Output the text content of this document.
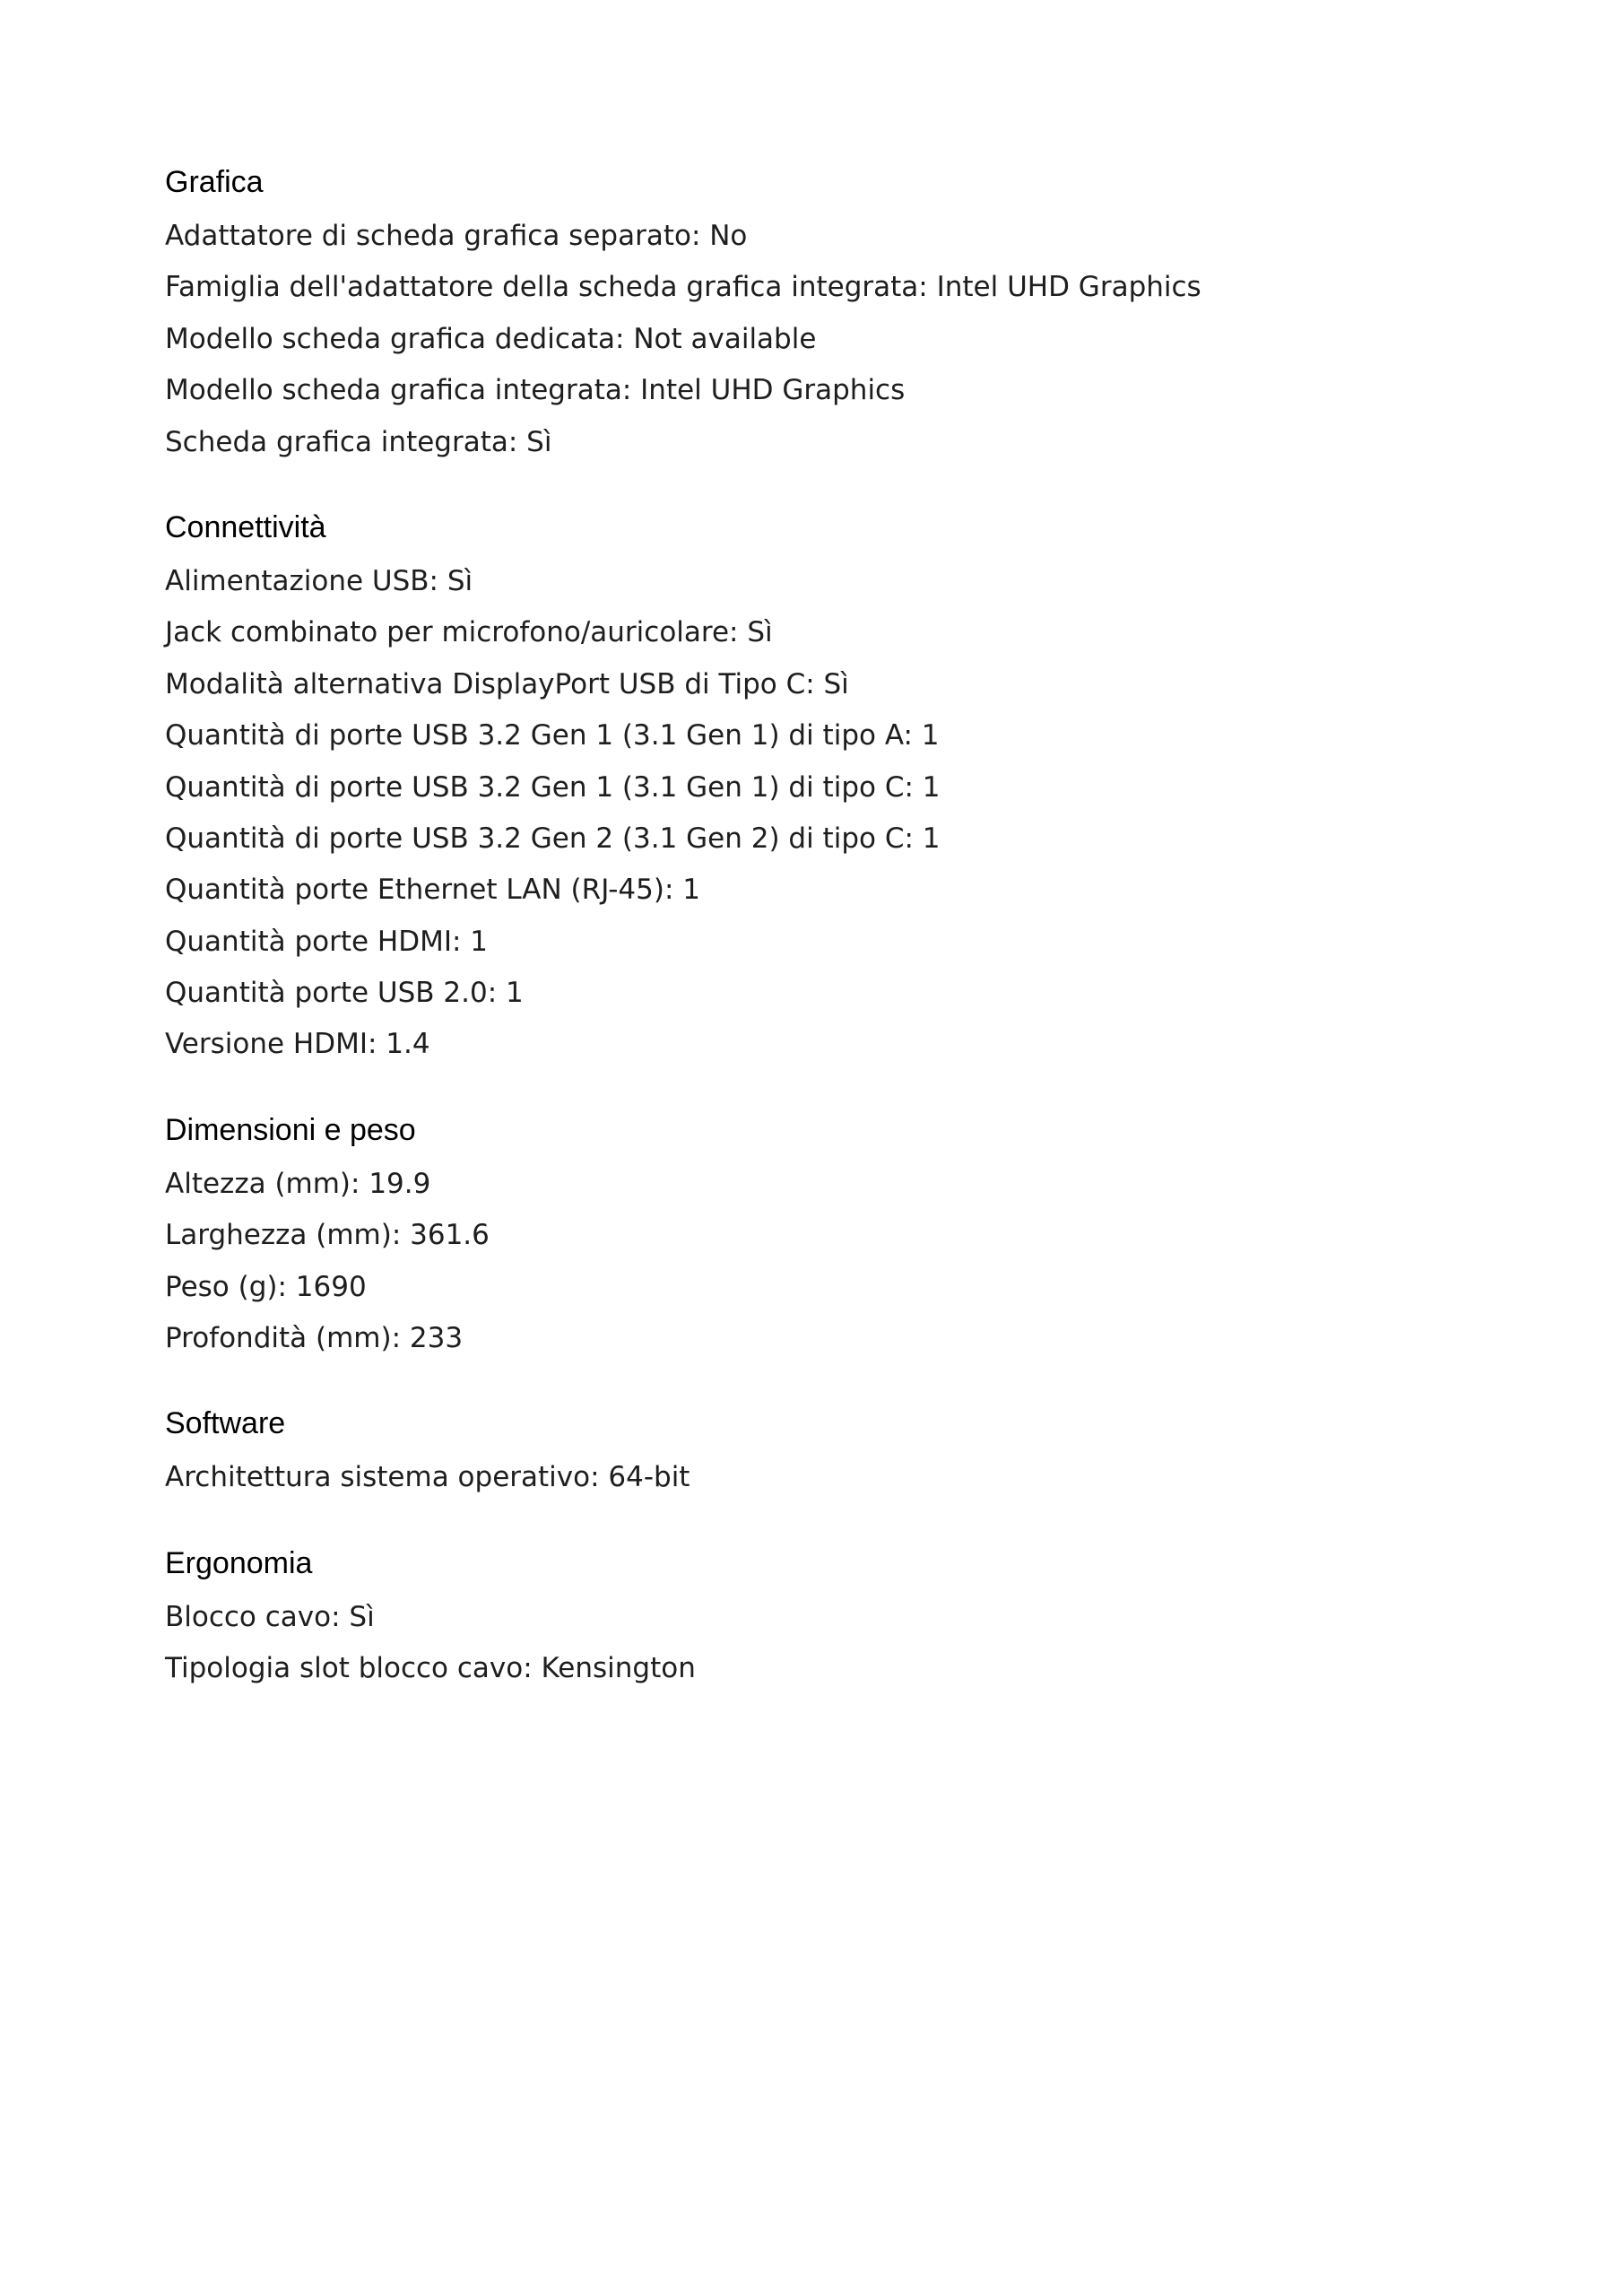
Grafica
Adattatore di scheda grafica separato: No
Famiglia dell'adattatore della scheda grafica integrata: Intel UHD Graphics
Modello scheda grafica dedicata: Not available
Modello scheda grafica integrata: Intel UHD Graphics
Scheda grafica integrata: Sì
Connettività
Alimentazione USB: Sì
Jack combinato per microfono/auricolare: Sì
Modalità alternativa DisplayPort USB di Tipo C: Sì
Quantità di porte USB 3.2 Gen 1 (3.1 Gen 1) di tipo A: 1
Quantità di porte USB 3.2 Gen 1 (3.1 Gen 1) di tipo C: 1
Quantità di porte USB 3.2 Gen 2 (3.1 Gen 2) di tipo C: 1
Quantità porte Ethernet LAN (RJ-45): 1
Quantità porte HDMI: 1
Quantità porte USB 2.0: 1
Versione HDMI: 1.4
Dimensioni e peso
Altezza (mm): 19.9
Larghezza (mm): 361.6
Peso (g): 1690
Profondità (mm): 233
Software
Architettura sistema operativo: 64-bit
Ergonomia
Blocco cavo: Sì
Tipologia slot blocco cavo: Kensington
